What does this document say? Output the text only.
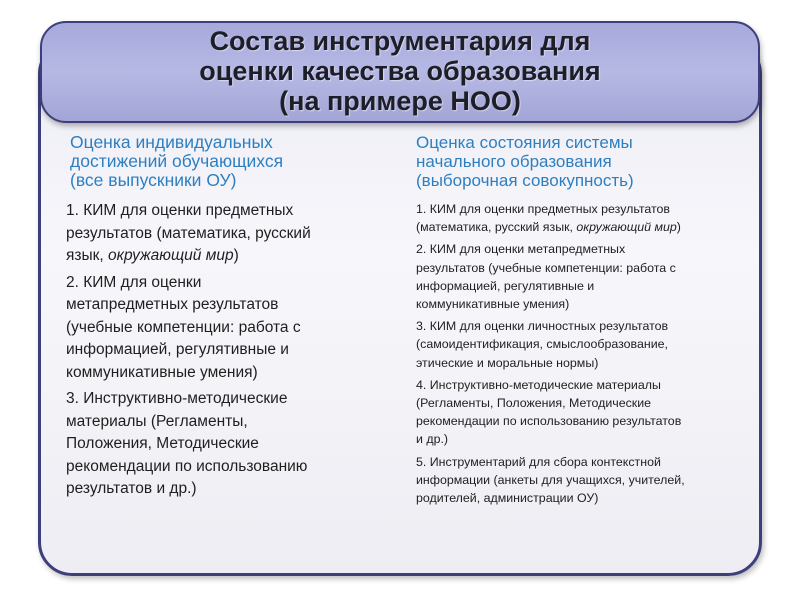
Состав инструментария для
оценки качества образования
(на примере НОО)
Оценка индивидуальных
достижений обучающихся
(все выпускники ОУ)
1. КИМ для оценки предметных
результатов (математика, русский
язык, окружающий мир)
2. КИМ для оценки
метапредметных результатов
(учебные компетенции: работа с
информацией, регулятивные и
коммуникативные умения)
3. Инструктивно-методические
материалы (Регламенты,
Положения, Методические
рекомендации по использованию
результатов и др.)
Оценка состояния системы
начального образования
(выборочная совокупность)
1. КИМ для оценки предметных результатов
(математика, русский язык, окружающий мир)
2. КИМ для оценки метапредметных
результатов (учебные компетенции: работа с
информацией, регулятивные и
коммуникативные умения)
3. КИМ для оценки личностных результатов
(самоидентификация, смыслообразование,
этические и моральные нормы)
4. Инструктивно-методические материалы
(Регламенты, Положения, Методические
рекомендации по использованию результатов
и др.)
5. Инструментарий для сбора контекстной
информации (анкеты для учащихся, учителей,
родителей, администрации ОУ)
